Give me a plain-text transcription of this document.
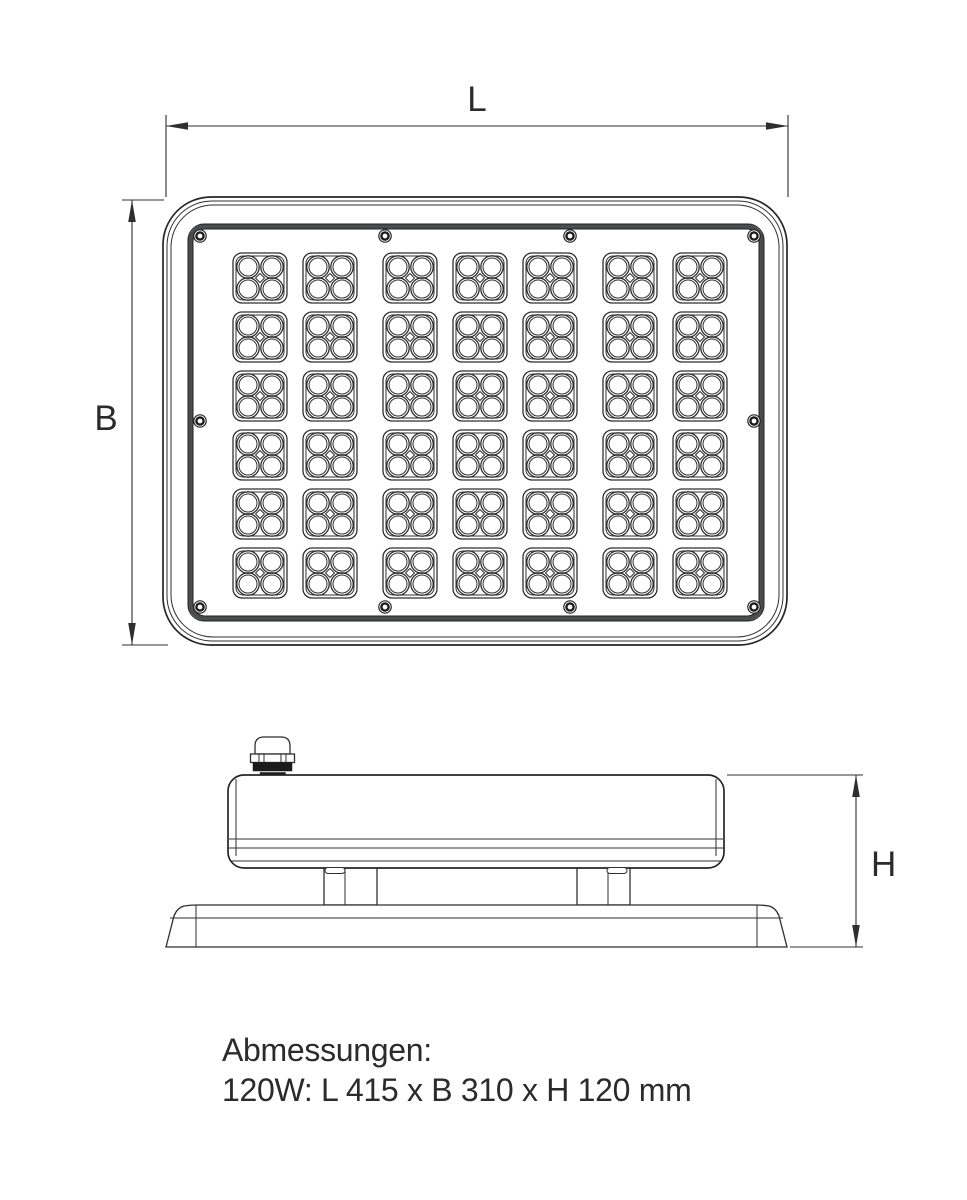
L
B
H
Abmessungen:
120W: L 415 x B 310 x H 120 mm
